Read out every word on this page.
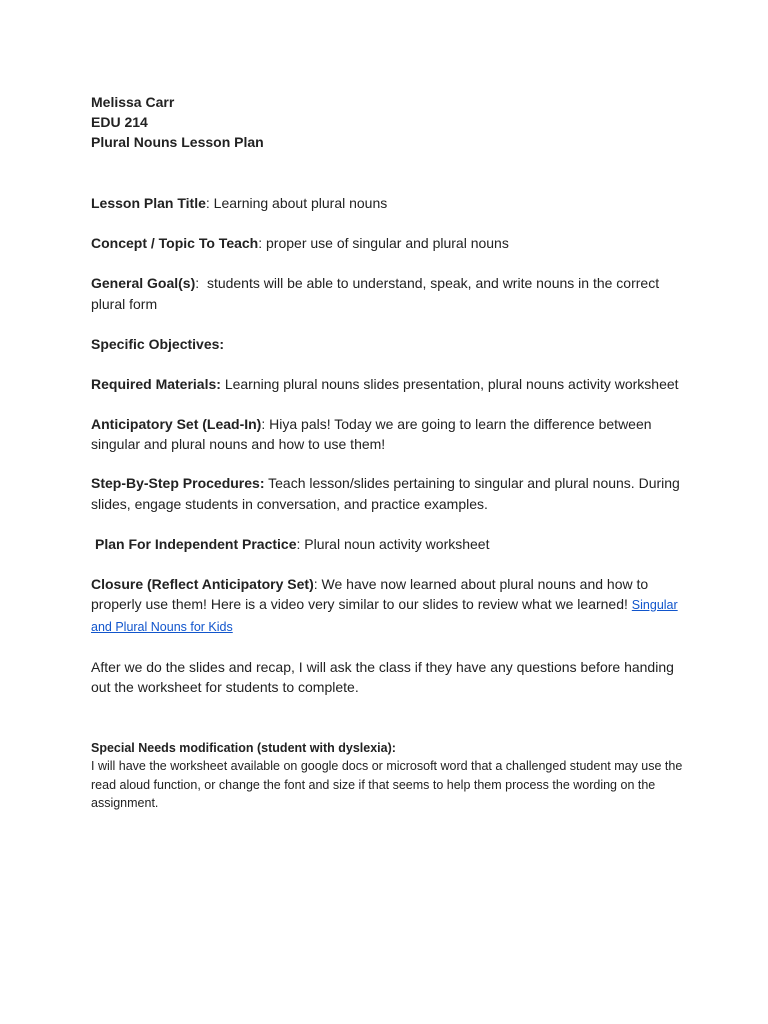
Melissa Carr

EDU 214

Plural Nouns Lesson Plan

Lesson Plan Title: Learning about plural nouns

Concept / Topic To Teach: proper use of singular and plural nouns

General Goal(s):  students will be able to understand, speak, and write nouns in the correct plural form

Specific Objectives:

Required Materials: Learning plural nouns slides presentation, plural nouns activity worksheet

Anticipatory Set (Lead-In): Hiya pals! Today we are going to learn the difference between singular and plural nouns and how to use them!

Step-By-Step Procedures: Teach lesson/slides pertaining to singular and plural nouns. During slides, engage students in conversation, and practice examples.

Plan For Independent Practice: Plural noun activity worksheet

Closure (Reflect Anticipatory Set): We have now learned about plural nouns and how to properly use them! Here is a video very similar to our slides to review what we learned! Singular and Plural Nouns for Kids

After we do the slides and recap, I will ask the class if they have any questions before handing out the worksheet for students to complete.

Special Needs modification (student with dyslexia):

I will have the worksheet available on google docs or microsoft word that a challenged student may use the read aloud function, or change the font and size if that seems to help them process the wording on the assignment.
